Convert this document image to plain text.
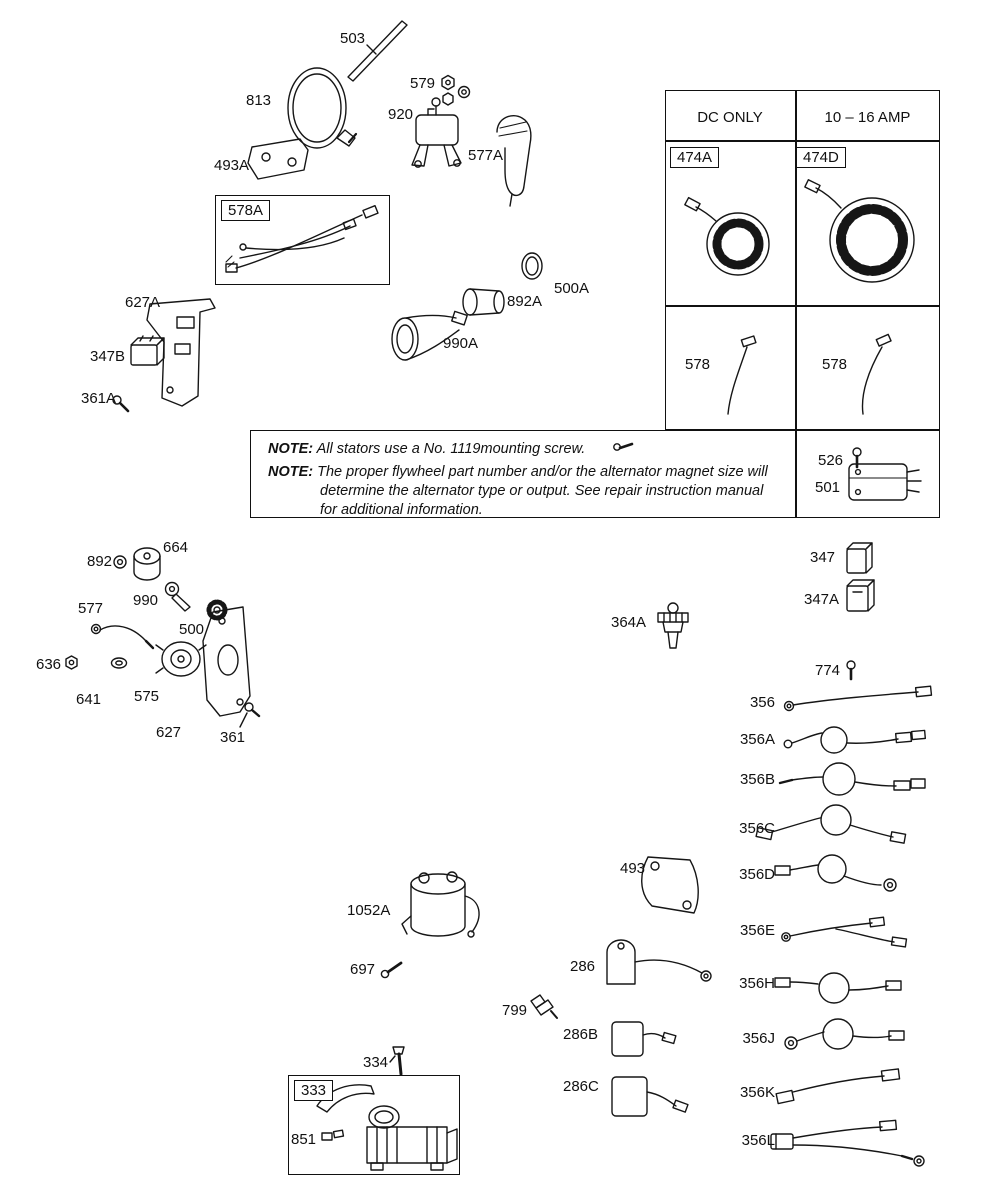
NOTE: All stators use a No. 1119mounting screw.
NOTE: The proper flywheel part number and/or the alternator magnet size will determine the alternator type or output. See repair instruction manual for additional information.
DC ONLY	10 – 16 AMP
503
813
579
920
493A
577A
578A
627A
347B
361A
892A
500A
990A
474A	474D
578	578
526
501
664
892
990
577
500
636
641 575
627	361
364A
347
347A
774
356
356A
356B
356C
356D
356E
356H
356J
356K
356L
493
1052A
697
799
286
286B
286C
334
333
851
